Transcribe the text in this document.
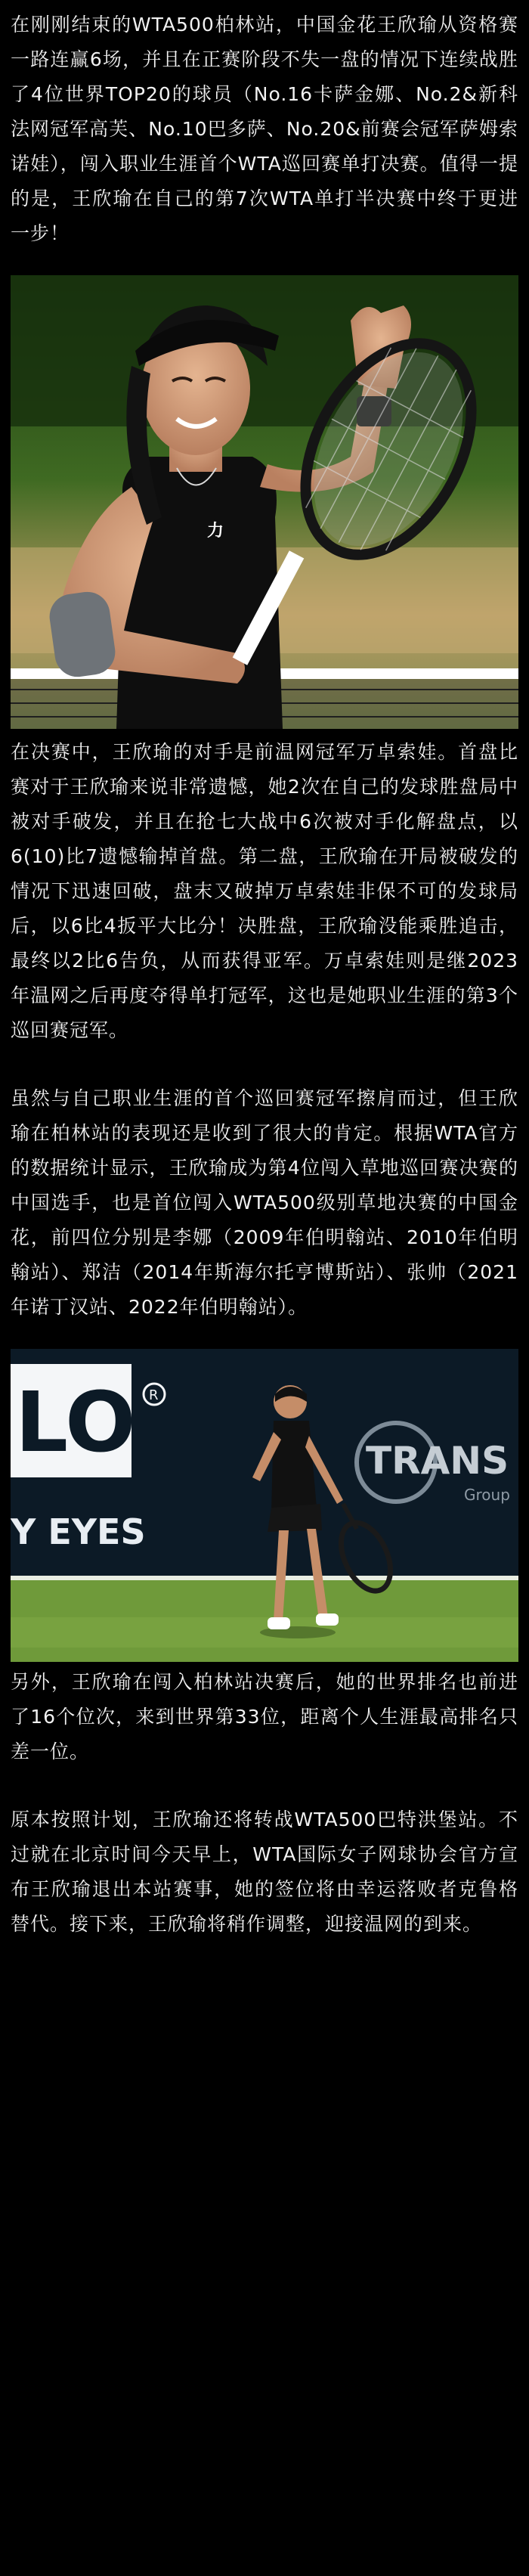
在刚刚结束的WTA500柏林站，中国金花王欣瑜从资格赛一路连赢6场，并且在正赛阶段不失一盘的情况下连续战胜了4位世界TOP20的球员（No.16卡萨金娜、No.2&新科法网冠军高芙、No.10巴多萨、No.20&前赛会冠军萨姆索诺娃），闯入职业生涯首个WTA巡回赛单打决赛。值得一提的是，王欣瑜在自己的第7次WTA单打半决赛中终于更进一步！

力

在决赛中，王欣瑜的对手是前温网冠军万卓索娃。首盘比赛对于王欣瑜来说非常遗憾，她2次在自己的发球胜盘局中被对手破发，并且在抢七大战中6次被对手化解盘点，以6(10)比7遗憾输掉首盘。第二盘，王欣瑜在开局被破发的情况下迅速回破，盘末又破掉万卓索娃非保不可的发球局后，以6比4扳平大比分！决胜盘，王欣瑜没能乘胜追击，最终以2比6告负，从而获得亚军。万卓索娃则是继2023年温网之后再度夺得单打冠军，这也是她职业生涯的第3个巡回赛冠军。

虽然与自己职业生涯的首个巡回赛冠军擦肩而过，但王欣瑜在柏林站的表现还是收到了很大的肯定。根据WTA官方的数据统计显示，王欣瑜成为第4位闯入草地巡回赛决赛的中国选手，也是首位闯入WTA500级别草地决赛的中国金花，前四位分别是李娜（2009年伯明翰站、2010年伯明翰站）、郑洁（2014年斯海尔托亨博斯站）、张帅（2021年诺丁汉站、2022年伯明翰站）。

LO R
Y EYES
TRANS
Group

另外，王欣瑜在闯入柏林站决赛后，她的世界排名也前进了16个位次，来到世界第33位，距离个人生涯最高排名只差一位。

原本按照计划，王欣瑜还将转战WTA500巴特洪堡站。不过就在北京时间今天早上，WTA国际女子网球协会官方宣布王欣瑜退出本站赛事，她的签位将由幸运落败者克鲁格替代。接下来，王欣瑜将稍作调整，迎接温网的到来。
